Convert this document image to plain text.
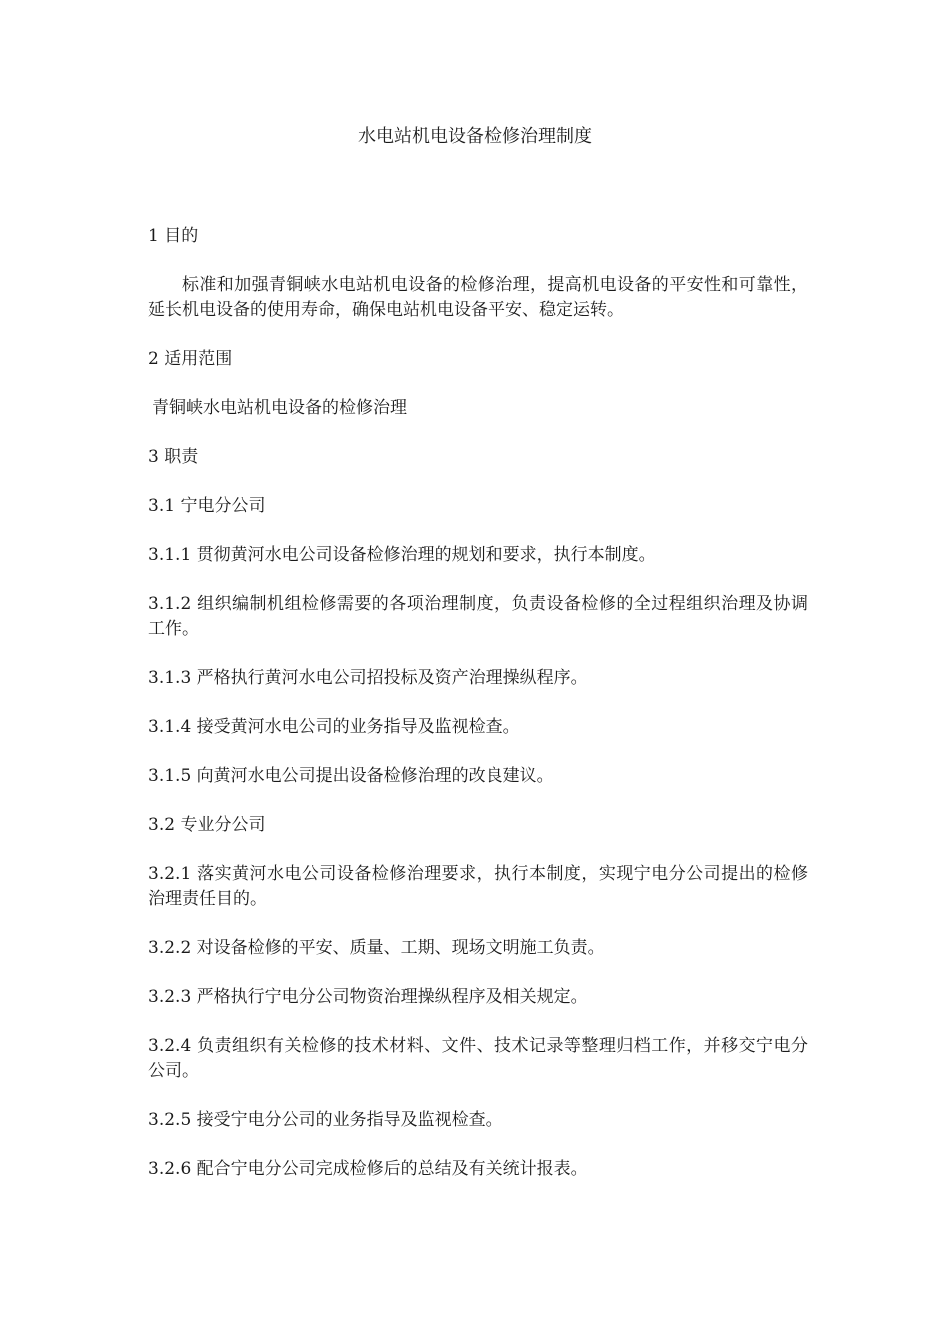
水电站机电设备检修治理制度

1 目的

标准和加强青铜峡水电站机电设备的检修治理，提高机电设备的平安性和可靠性，延长机电设备的使用寿命，确保电站机电设备平安、稳定运转。

2 适用范围

青铜峡水电站机电设备的检修治理

3 职责

3.1 宁电分公司

3.1.1 贯彻黄河水电公司设备检修治理的规划和要求，执行本制度。

3.1.2 组织编制机组检修需要的各项治理制度，负责设备检修的全过程组织治理及协调工作。

3.1.3 严格执行黄河水电公司招投标及资产治理操纵程序。

3.1.4 接受黄河水电公司的业务指导及监视检查。

3.1.5 向黄河水电公司提出设备检修治理的改良建议。

3.2 专业分公司

3.2.1 落实黄河水电公司设备检修治理要求，执行本制度，实现宁电分公司提出的检修治理责任目的。

3.2.2 对设备检修的平安、质量、工期、现场文明施工负责。

3.2.3 严格执行宁电分公司物资治理操纵程序及相关规定。

3.2.4 负责组织有关检修的技术材料、文件、技术记录等整理归档工作，并移交宁电分公司。

3.2.5 接受宁电分公司的业务指导及监视检查。

3.2.6 配合宁电分公司完成检修后的总结及有关统计报表。
